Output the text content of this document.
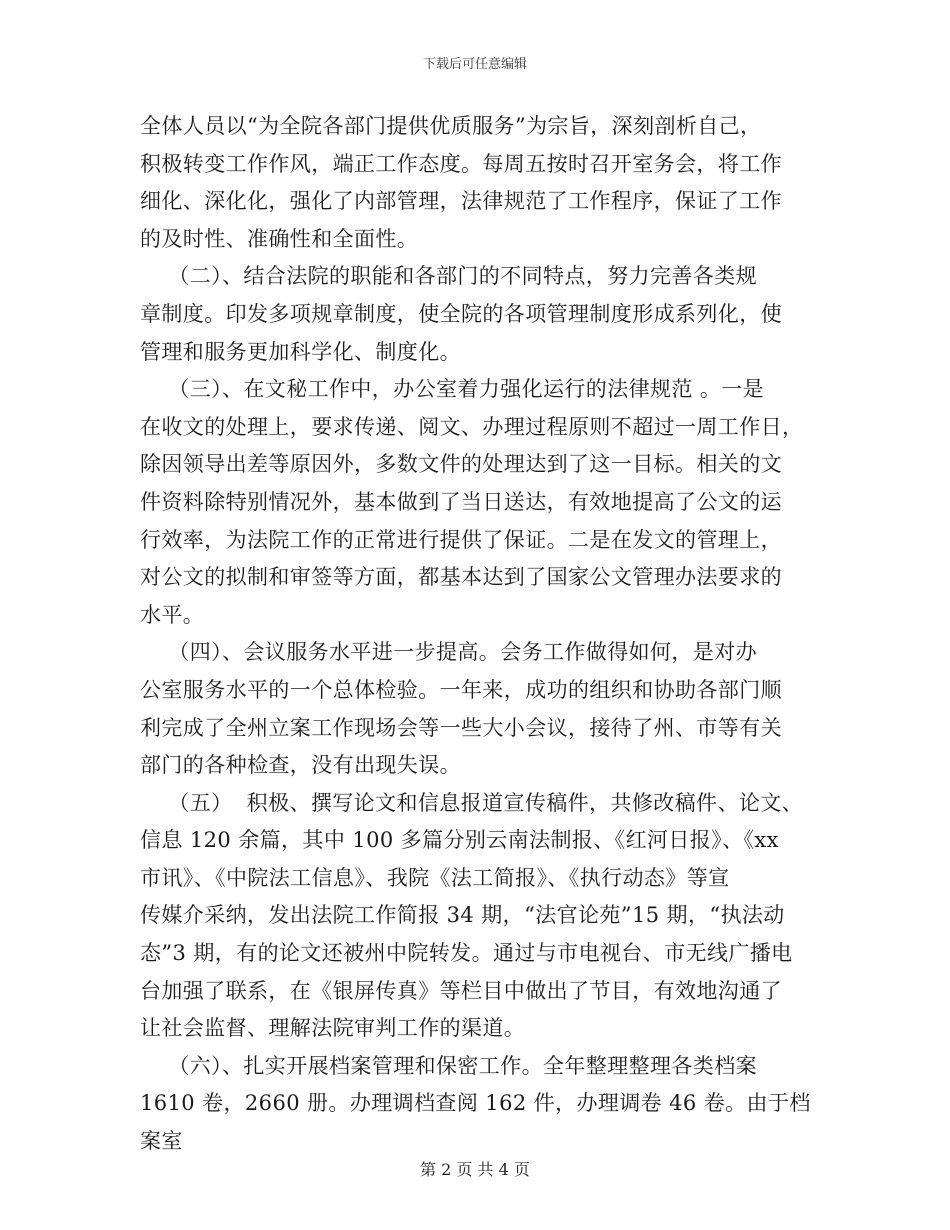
下载后可任意编辑

全体人员以“为全院各部门提供优质服务”为宗旨，深刻剖析自己，
积极转变工作作风，端正工作态度。每周五按时召开室务会，将工作
细化、深化化，强化了内部管理，法律规范了工作程序，保证了工作
的及时性、准确性和全面性。

（二）、结合法院的职能和各部门的不同特点，努力完善各类规
章制度。印发多项规章制度，使全院的各项管理制度形成系列化，使
管理和服务更加科学化、制度化。

（三）、在文秘工作中，办公室着力强化运行的法律规范 。一是
在收文的处理上，要求传递、阅文、办理过程原则不超过一周工作日，
除因领导出差等原因外，多数文件的处理达到了这一目标。相关的文
件资料除特别情况外，基本做到了当日送达，有效地提高了公文的运
行效率，为法院工作的正常进行提供了保证。二是在发文的管理上，
对公文的拟制和审签等方面，都基本达到了国家公文管理办法要求的
水平。

（四）、会议服务水平进一步提高。会务工作做得如何，是对办
公室服务水平的一个总体检验。一年来，成功的组织和协助各部门顺
利完成了全州立案工作现场会等一些大小会议，接待了州、市等有关
部门的各种检查，没有出现失误。

（五）  积极、撰写论文和信息报道宣传稿件，共修改稿件、论文、
信息 120 余篇，其中 100 多篇分别云南法制报、《红河日报》、《xx
市讯》、《中院法工信息》、我院《法工简报》、《执行动态》等宣
传媒介采纳，发出法院工作简报 34 期，“法官论苑”15 期，“执法动
态”3 期，有的论文还被州中院转发。通过与市电视台、市无线广播电
台加强了联系，在《银屏传真》等栏目中做出了节目，有效地沟通了
让社会监督、理解法院审判工作的渠道。

（六）、扎实开展档案管理和保密工作。全年整理整理各类档案
1610 卷，2660 册。办理调档查阅 162 件，办理调卷 46 卷。由于档案室

第 2 页 共 4 页
